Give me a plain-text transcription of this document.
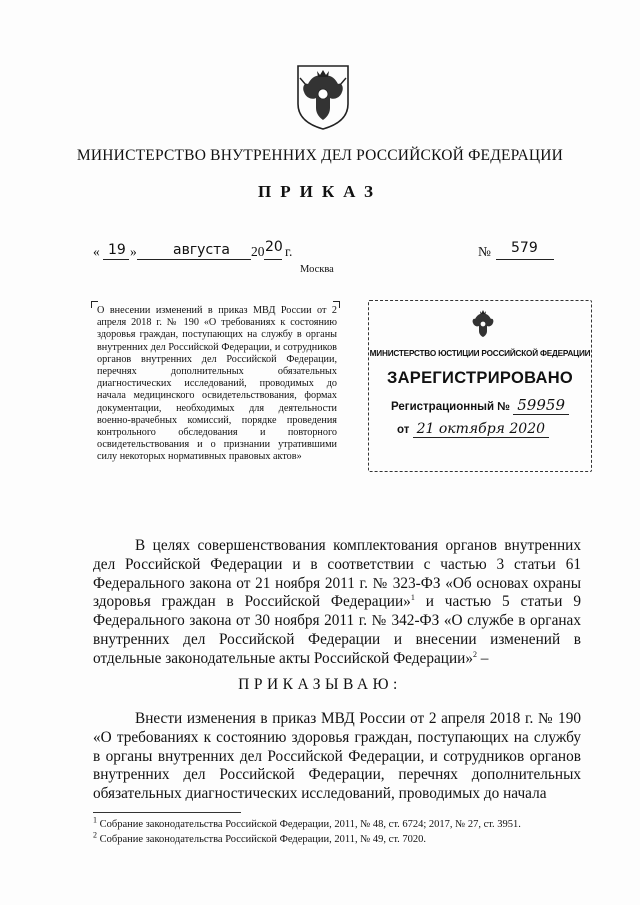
МИНИСТЕРСТВО ВНУТРЕННИХ ДЕЛ РОССИЙСКОЙ ФЕДЕРАЦИИ
ПРИКАЗ
« 19 »	августа 20 20 г.	№ 579
Москва
О внесении изменений в приказ МВД России от 2 апреля 2018 г. № 190 «О требованиях к состоянию здоровья граждан, поступающих на службу в органы внутренних дел Российской Федерации, и сотрудников органов внутренних дел Российской Федерации, перечнях дополнительных обязательных диагностических исследований, проводимых до начала медицинского освидетельствования, формах документации, необходимых для деятельности военно-врачебных комиссий, порядке проведения контрольного обследования и повторного освидетельствования и о признании утратившими силу некоторых нормативных правовых актов»
МИНИСТЕРСТВО ЮСТИЦИИ РОССИЙСКОЙ ФЕДЕРАЦИИ
ЗАРЕГИСТРИРОВАНО
Регистрационный № 59959
от 21 октября 2020
В целях совершенствования комплектования органов внутренних дел Российской Федерации и в соответствии с частью 3 статьи 61 Федерального закона от 21 ноября 2011 г. № 323-ФЗ «Об основах охраны здоровья граждан в Российской Федерации»$^1$ и частью 5 статьи 9 Федерального закона от 30 ноября 2011 г. № 342-ФЗ «О службе в органах внутренних дел Российской Федерации и внесении изменений в отдельные законодательные акты Российской Федерации»$^2$ –
ПРИКАЗЫВАЮ:
Внести изменения в приказ МВД России от 2 апреля 2018 г. № 190 «О требованиях к состоянию здоровья граждан, поступающих на службу в органы внутренних дел Российской Федерации, и сотрудников органов внутренних дел Российской Федерации, перечнях дополнительных обязательных диагностических исследований, проводимых до начала
$^1$ Собрание законодательства Российской Федерации, 2011, № 48, ст. 6724; 2017, № 27, ст. 3951.
$^2$ Собрание законодательства Российской Федерации, 2011, № 49, ст. 7020.
